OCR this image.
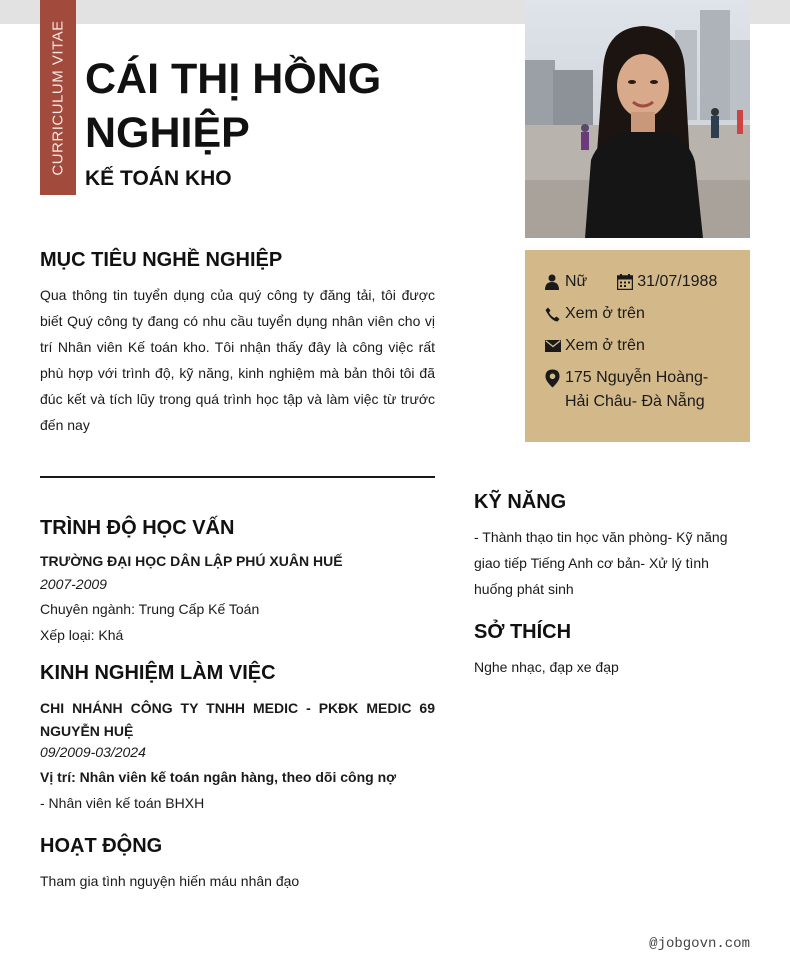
CURRICULUM VITAE CÁI THỊ HỒNG NGHIỆP
KẾ TOÁN KHO
Nữ	31/07/1988
Xem ở trên
Xem ở trên
175 Nguyễn Hoàng-Hải Châu- Đà Nẵng
MỤC TIÊU NGHỀ NGHIỆP
Qua thông tin tuyển dụng của quý công ty đăng tải, tôi được biết Quý công ty đang có nhu cầu tuyển dụng nhân viên cho vị trí Nhân viên Kế toán kho. Tôi nhận thấy đây là công việc rất phù hợp với trình độ, kỹ năng, kinh nghiệm mà bản thôi tôi đã đúc kết và tích lũy trong quá trình học tập và làm việc từ trước đến nay
TRÌNH ĐỘ HỌC VẤN
TRƯỜNG ĐẠI HỌC DÂN LẬP PHÚ XUÂN HUẾ
2007-2009
Chuyên ngành: Trung Cấp Kế Toán
Xếp loại: Khá
KINH NGHIỆM LÀM VIỆC
CHI NHÁNH CÔNG TY TNHH MEDIC - PKĐK MEDIC 69 NGUYỄN HUỆ
09/2009-03/2024
Vị trí: Nhân viên kế toán ngân hàng, theo dõi công nợ
- Nhân viên kế toán BHXH
HOẠT ĐỘNG
Tham gia tình nguyện hiến máu nhân đạo
KỸ NĂNG
- Thành thạo tin học văn phòng- Kỹ năng giao tiếp Tiếng Anh cơ bản- Xử lý tình huống phát sinh
SỞ THÍCH
Nghe nhạc, đạp xe đạp
@jobgovn.com
